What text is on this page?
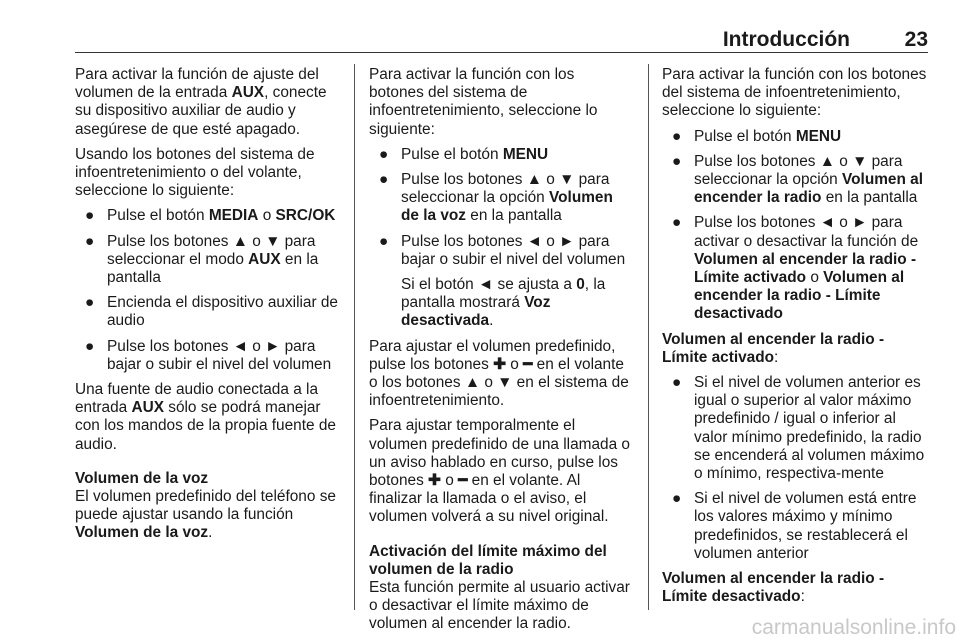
Introducción	23

Para activar la función de ajuste del volumen de la entrada AUX, conecte su dispositivo auxiliar de audio y asegúrese de que esté apagado.

Usando los botones del sistema de infoentretenimiento o del volante, seleccione lo siguiente:

● Pulse el botón MEDIA o SRC/OK
● Pulse los botones ▲ o ▼ para seleccionar el modo AUX en la pantalla
● Encienda el dispositivo auxiliar de audio
● Pulse los botones ◄ o ► para bajar o subir el nivel del volumen

Una fuente de audio conectada a la entrada AUX sólo se podrá manejar con los mandos de la propia fuente de audio.

Volumen de la voz

El volumen predefinido del teléfono se puede ajustar usando la función Volumen de la voz.

Para activar la función con los botones del sistema de infoentretenimiento, seleccione lo siguiente:

● Pulse el botón MENU
● Pulse los botones ▲ o ▼ para seleccionar la opción Volumen de la voz en la pantalla
● Pulse los botones ◄ o ► para bajar o subir el nivel del volumen

Si el botón ◄ se ajusta a 0, la pantalla mostrará Voz desactivada.

Para ajustar el volumen predefinido, pulse los botones ✚ o ━ en el volante o los botones ▲ o ▼ en el sistema de infoentretenimiento.

Para ajustar temporalmente el volumen predefinido de una llamada o un aviso hablado en curso, pulse los botones ✚ o ━ en el volante. Al finalizar la llamada o el aviso, el volumen volverá a su nivel original.

Activación del límite máximo del volumen de la radio

Esta función permite al usuario activar o desactivar el límite máximo de volumen al encender la radio.

Para activar la función con los botones del sistema de infoentretenimiento, seleccione lo siguiente:

● Pulse el botón MENU
● Pulse los botones ▲ o ▼ para seleccionar la opción Volumen al encender la radio en la pantalla
● Pulse los botones ◄ o ► para activar o desactivar la función de Volumen al encender la radio - Límite activado o Volumen al encender la radio - Límite desactivado

Volumen al encender la radio - Límite activado:

● Si el nivel de volumen anterior es igual o superior al valor máximo predefinido / igual o inferior al valor mínimo predefinido, la radio se encenderá al volumen máximo o mínimo, respectiva-mente
● Si el nivel de volumen está entre los valores máximo y mínimo predefinidos, se restablecerá el volumen anterior

Volumen al encender la radio - Límite desactivado:

carmanualsonline.info
